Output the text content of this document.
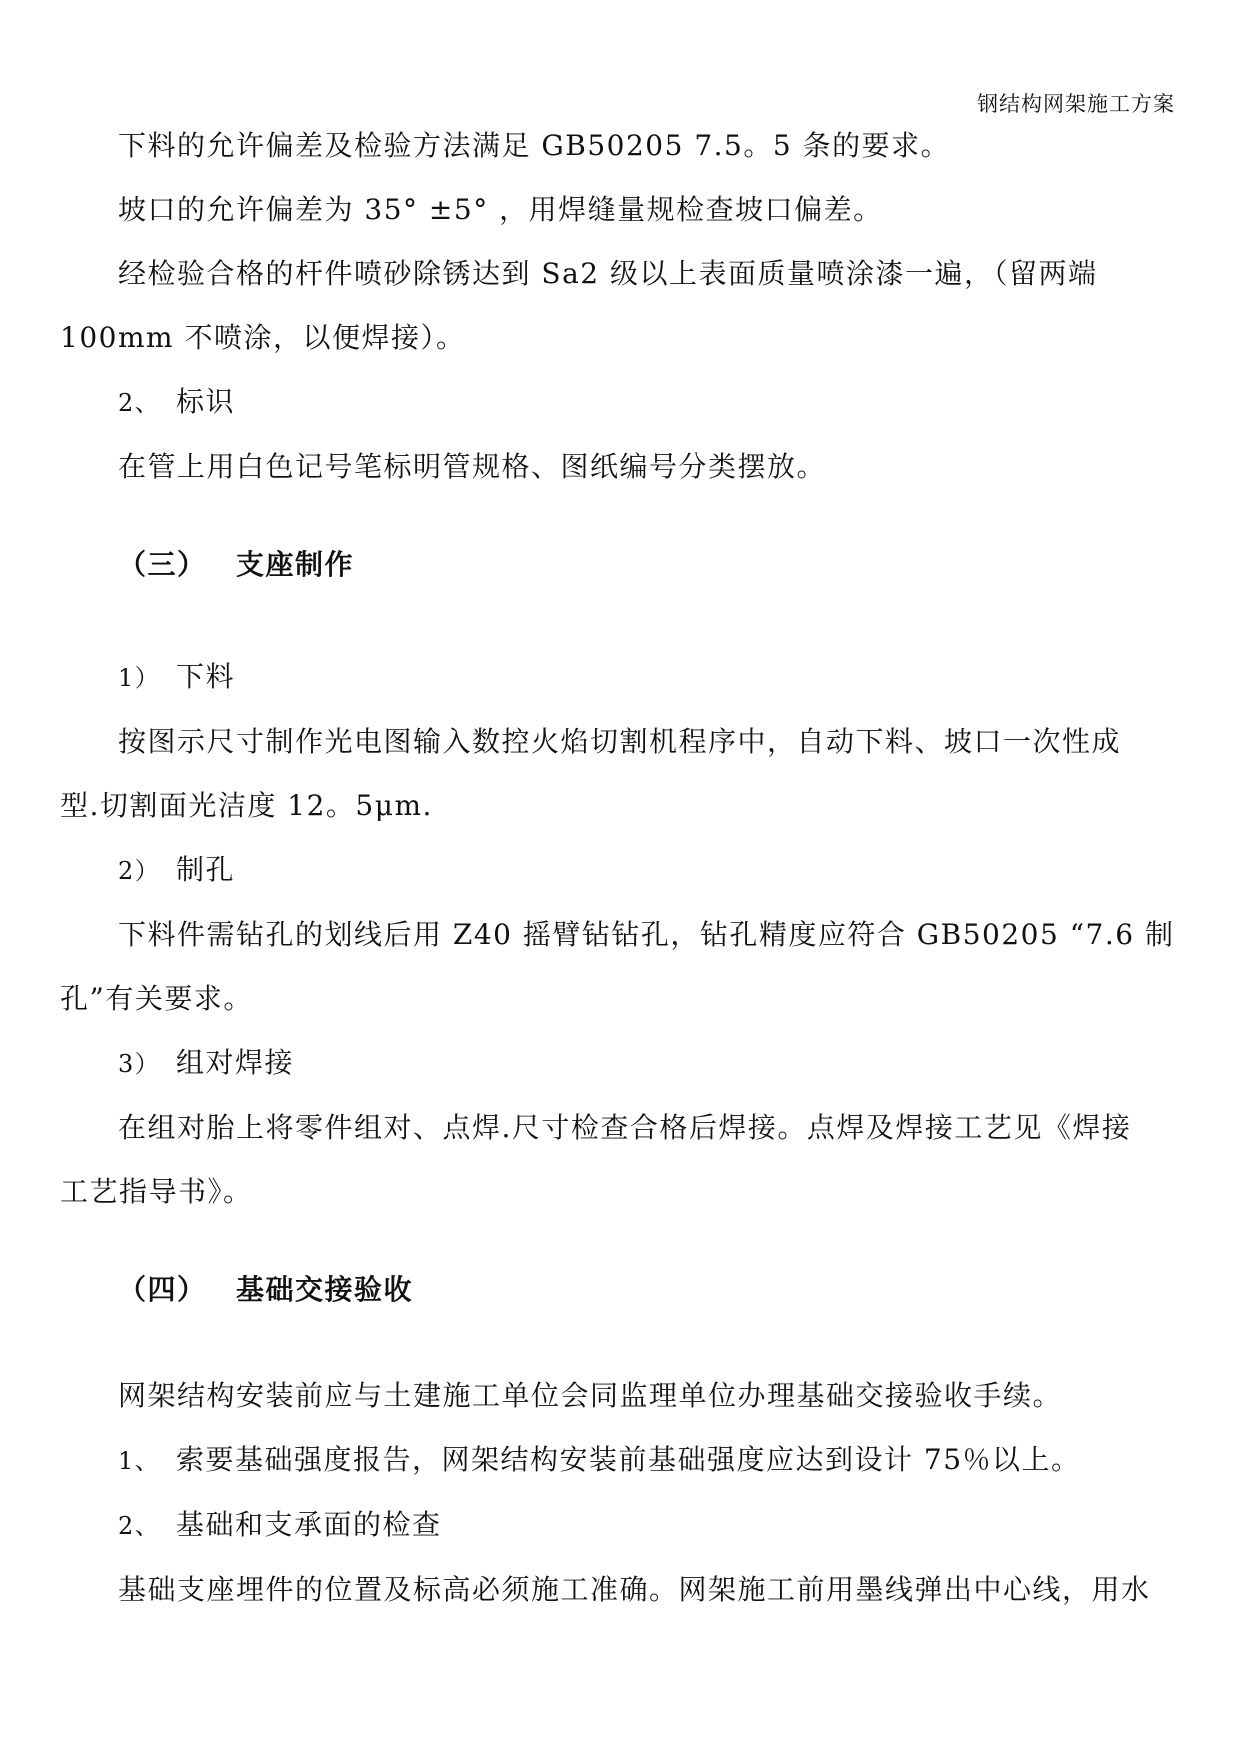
钢结构网架施工方案

下料的允许偏差及检验方法满足 GB50205 7.5。5 条的要求。

坡口的允许偏差为 35° ±5° ，用焊缝量规检查坡口偏差。

经检验合格的杆件喷砂除锈达到 Sa2 级以上表面质量喷涂漆一遍，（留两端

100mm 不喷涂，以便焊接）。

2、 标识

在管上用白色记号笔标明管规格、图纸编号分类摆放。

（三） 支座制作

1） 下料

按图示尺寸制作光电图输入数控火焰切割机程序中，自动下料、坡口一次性成

型.切割面光洁度 12。5μm.

2） 制孔

下料件需钻孔的划线后用 Z40 摇臂钻钻孔，钻孔精度应符合 GB50205 “7.6 制

孔”有关要求。

3） 组对焊接

在组对胎上将零件组对、点焊.尺寸检查合格后焊接。点焊及焊接工艺见《焊接

工艺指导书》。

（四） 基础交接验收

网架结构安装前应与土建施工单位会同监理单位办理基础交接验收手续。

1、 索要基础强度报告，网架结构安装前基础强度应达到设计 75％以上。

2、 基础和支承面的检查

基础支座埋件的位置及标高必须施工准确。网架施工前用墨线弹出中心线，用水
